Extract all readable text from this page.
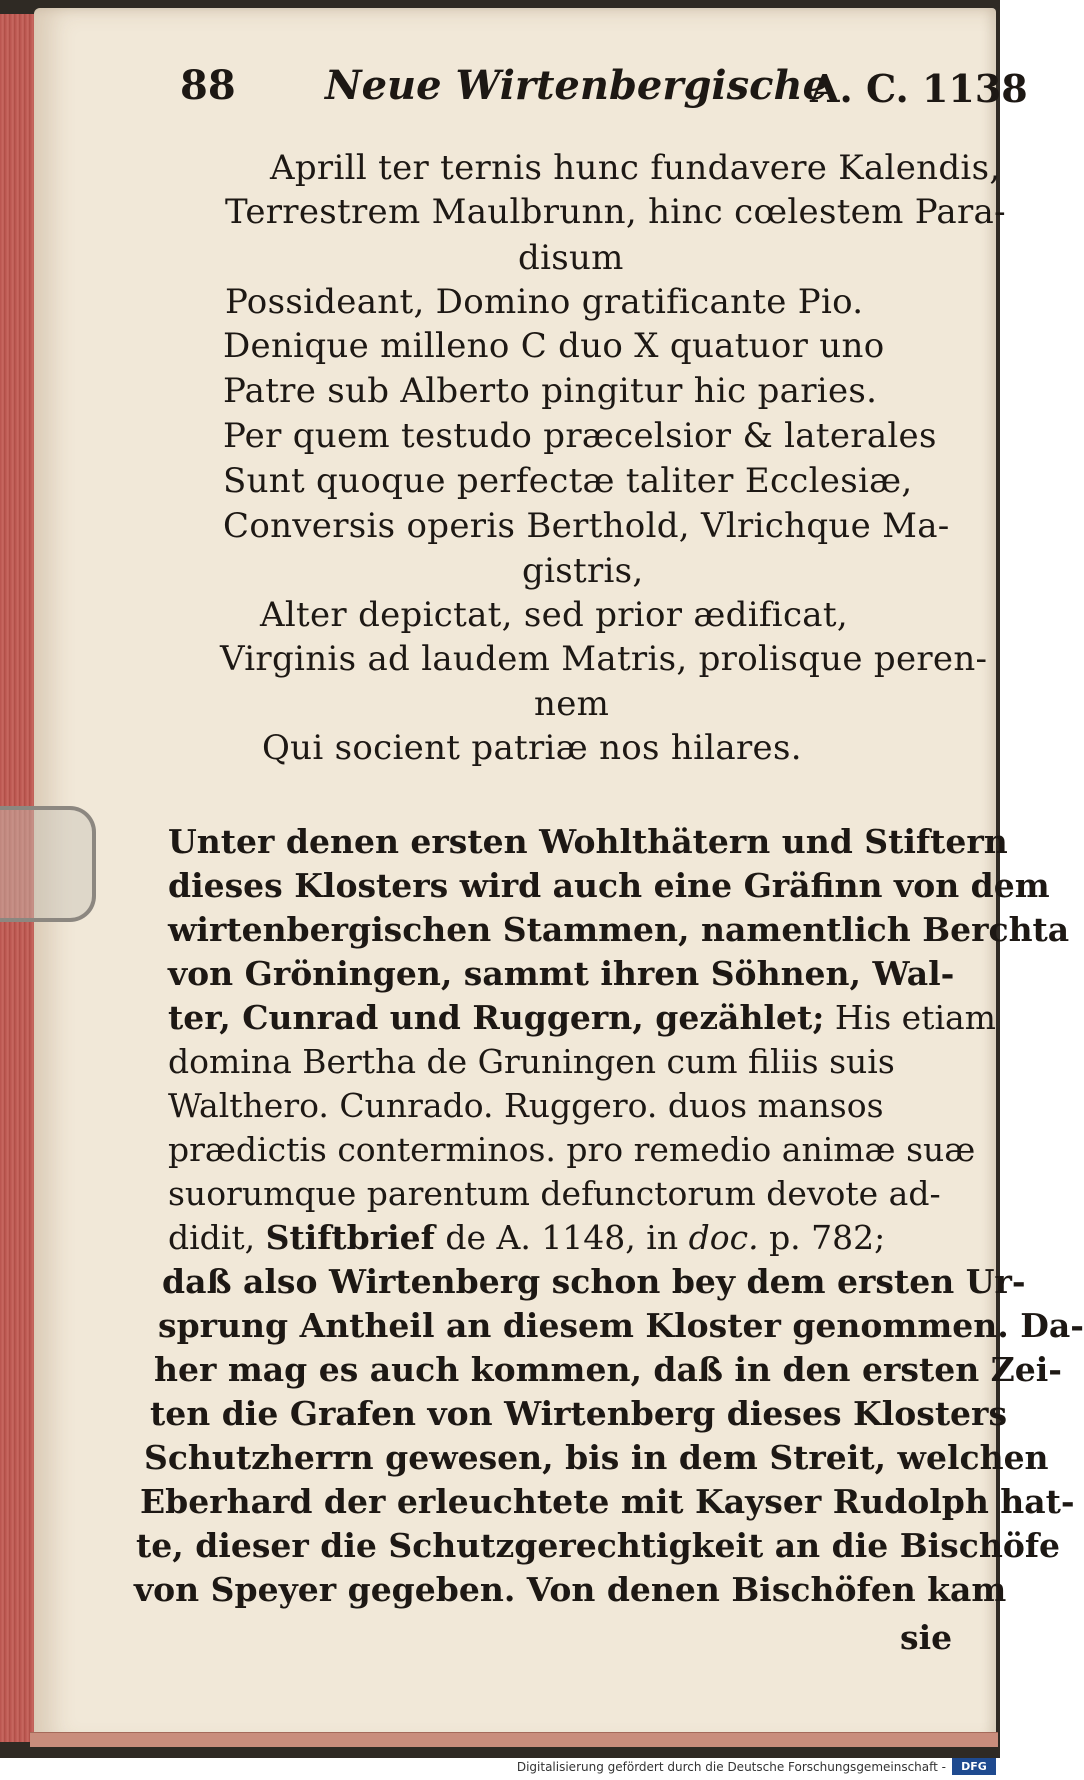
88 Neue Wirtenbergische
A. C. 1138
Aprill ter ternis hunc fundavere Kalendis,
Terrestrem Maulbrunn, hinc cœlestem Para-
disum
Possideant, Domino gratificante Pio.
Denique milleno C duo X quatuor uno
Patre sub Alberto pingitur hic paries.
Per quem testudo præcelsior & laterales
Sunt quoque perfectæ taliter Ecclesiæ,
Conversis operis Berthold, Vlrichque Ma-
gistris,
Alter depictat, sed prior ædificat,
Virginis ad laudem Matris, prolisque peren-
nem
Qui socient patriæ nos hilares.
Unter denen ersten Wohlthätern und Stiftern
dieses Klosters wird auch eine Gräfinn von dem
wirtenbergischen Stammen, namentlich Berchta
von Gröningen, sammt ihren Söhnen, Wal-
ter, Cunrad und Ruggern, gezählet; His etiam
domina Bertha de Gruningen cum filiis suis
Walthero. Cunrado. Ruggero. duos mansos
prædictis conterminos. pro remedio animæ suæ
suorumque parentum defunctorum devote ad-
didit, Stiftbrief de A. 1148, in doc. p. 782;
daß also Wirtenberg schon bey dem ersten Ur-
sprung Antheil an diesem Kloster genommen. Da-
her mag es auch kommen, daß in den ersten Zei-
ten die Grafen von Wirtenberg dieses Klosters
Schutzherrn gewesen, bis in dem Streit, welchen
Eberhard der erleuchtete mit Kayser Rudolph hat-
te, dieser die Schutzgerechtigkeit an die Bischöfe
von Speyer gegeben. Von denen Bischöfen kam
sie
Digitalisierung gefördert durch die Deutsche Forschungsgemeinschaft -	DFG
